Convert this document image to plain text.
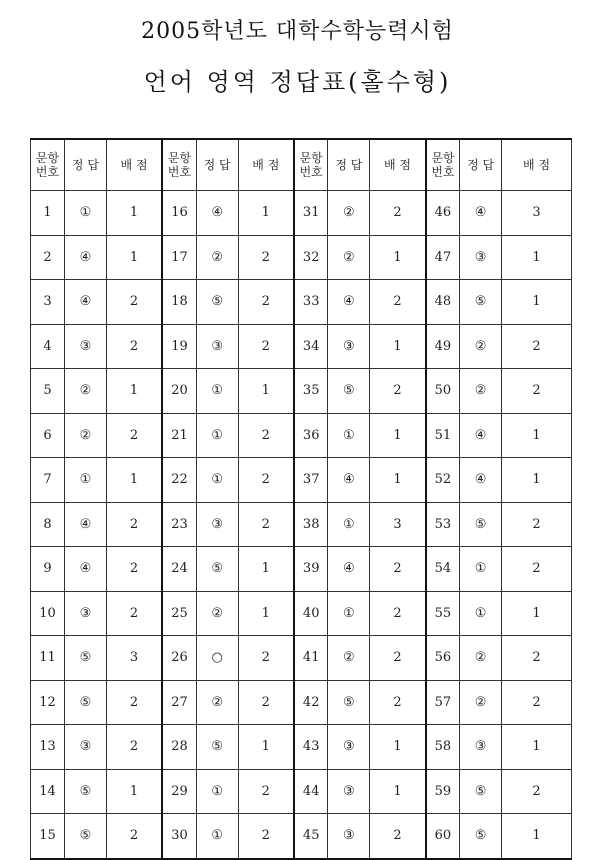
2005학년도 대학수학능력시험
언어 영역 정답표(홀수형)
문항 번호	정 답	배 점	문항 번호	정 답	배 점	문항 번호	정 답	배 점	문항 번호	정 답	배 점
1	①	1	16	④	1	31	②	2	46	④	3
2	④	1	17	②	2	32	②	1	47	③	1
3	④	2	18	⑤	2	33	④	2	48	⑤	1
4	③	2	19	③	2	34	③	1	49	②	2
5	②	1	20	①	1	35	⑤	2	50	②	2
6	②	2	21	①	2	36	①	1	51	④	1
7	①	1	22	①	2	37	④	1	52	④	1
8	④	2	23	③	2	38	①	3	53	⑤	2
9	④	2	24	⑤	1	39	④	2	54	①	2
10	③	2	25	②	1	40	①	2	55	①	1
11	⑤	3	26	○	2	41	②	2	56	②	2
12	⑤	2	27	②	2	42	⑤	2	57	②	2
13	③	2	28	⑤	1	43	③	1	58	③	1
14	⑤	1	29	①	2	44	③	1	59	⑤	2
15	⑤	2	30	①	2	45	③	2	60	⑤	1
